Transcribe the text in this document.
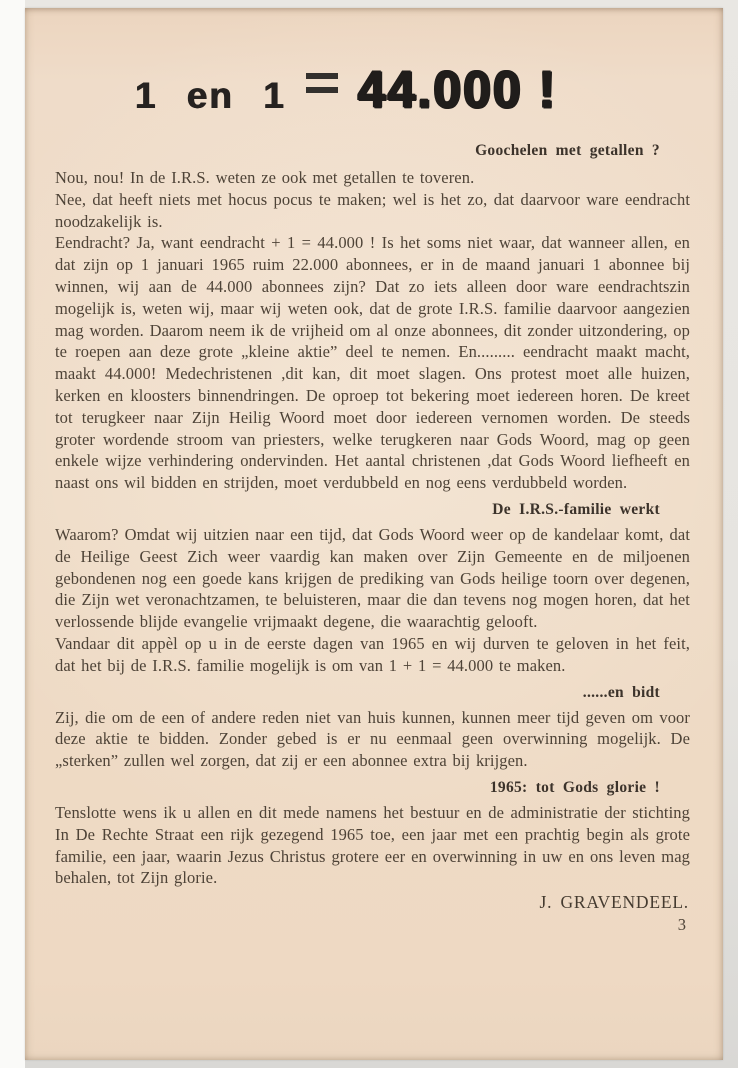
1 en 1 44.000 !
Goochelen met getallen ?

Nou, nou! In de I.R.S. weten ze ook met getallen te toveren.

Nee, dat heeft niets met hocus pocus te maken; wel is het zo, dat daarvoor ware eendracht noodzakelijk is.

Eendracht? Ja, want eendracht + 1 = 44.000 ! Is het soms niet waar, dat wanneer allen, en dat zijn op 1 januari 1965 ruim 22.000 abonnees, er in de maand januari 1 abonnee bij winnen, wij aan de 44.000 abonnees zijn? Dat zo iets alleen door ware eendrachtszin mogelijk is, weten wij, maar wij weten ook, dat de grote I.R.S. familie daarvoor aangezien mag worden. Daarom neem ik de vrijheid om al onze abonnees, dit zonder uitzondering, op te roepen aan deze grote „kleine aktie” deel te nemen. En......... eendracht maakt macht, maakt 44.000! Medechristenen ,dit kan, dit moet slagen. Ons protest moet alle huizen, kerken en kloosters binnendringen. De oproep tot bekering moet iedereen horen. De kreet tot terugkeer naar Zijn Heilig Woord moet door iedereen vernomen worden. De steeds groter wordende stroom van priesters, welke terugkeren naar Gods Woord, mag op geen enkele wijze verhindering ondervinden. Het aantal christenen ,dat Gods Woord liefheeft en naast ons wil bidden en strijden, moet verdubbeld en nog eens verdubbeld worden.

De I.R.S.-familie werkt

Waarom? Omdat wij uitzien naar een tijd, dat Gods Woord weer op de kandelaar komt, dat de Heilige Geest Zich weer vaardig kan maken over Zijn Gemeente en de miljoenen gebondenen nog een goede kans krijgen de prediking van Gods heilige toorn over degenen, die Zijn wet veronachtzamen, te beluisteren, maar die dan tevens nog mogen horen, dat het verlossende blijde evangelie vrijmaakt degene, die waarachtig gelooft.

Vandaar dit appèl op u in de eerste dagen van 1965 en wij durven te geloven in het feit, dat het bij de I.R.S. familie mogelijk is om van 1 + 1 = 44.000 te maken.

......en bidt

Zij, die om de een of andere reden niet van huis kunnen, kunnen meer tijd geven om voor deze aktie te bidden. Zonder gebed is er nu eenmaal geen overwinning mogelijk. De „sterken” zullen wel zorgen, dat zij er een abonnee extra bij krijgen.

1965: tot Gods glorie !

Tenslotte wens ik u allen en dit mede namens het bestuur en de administratie der stichting In De Rechte Straat een rijk gezegend 1965 toe, een jaar met een prachtig begin als grote familie, een jaar, waarin Jezus Christus grotere eer en overwinning in uw en ons leven mag behalen, tot Zijn glorie.

J. GRAVENDEEL.
3
